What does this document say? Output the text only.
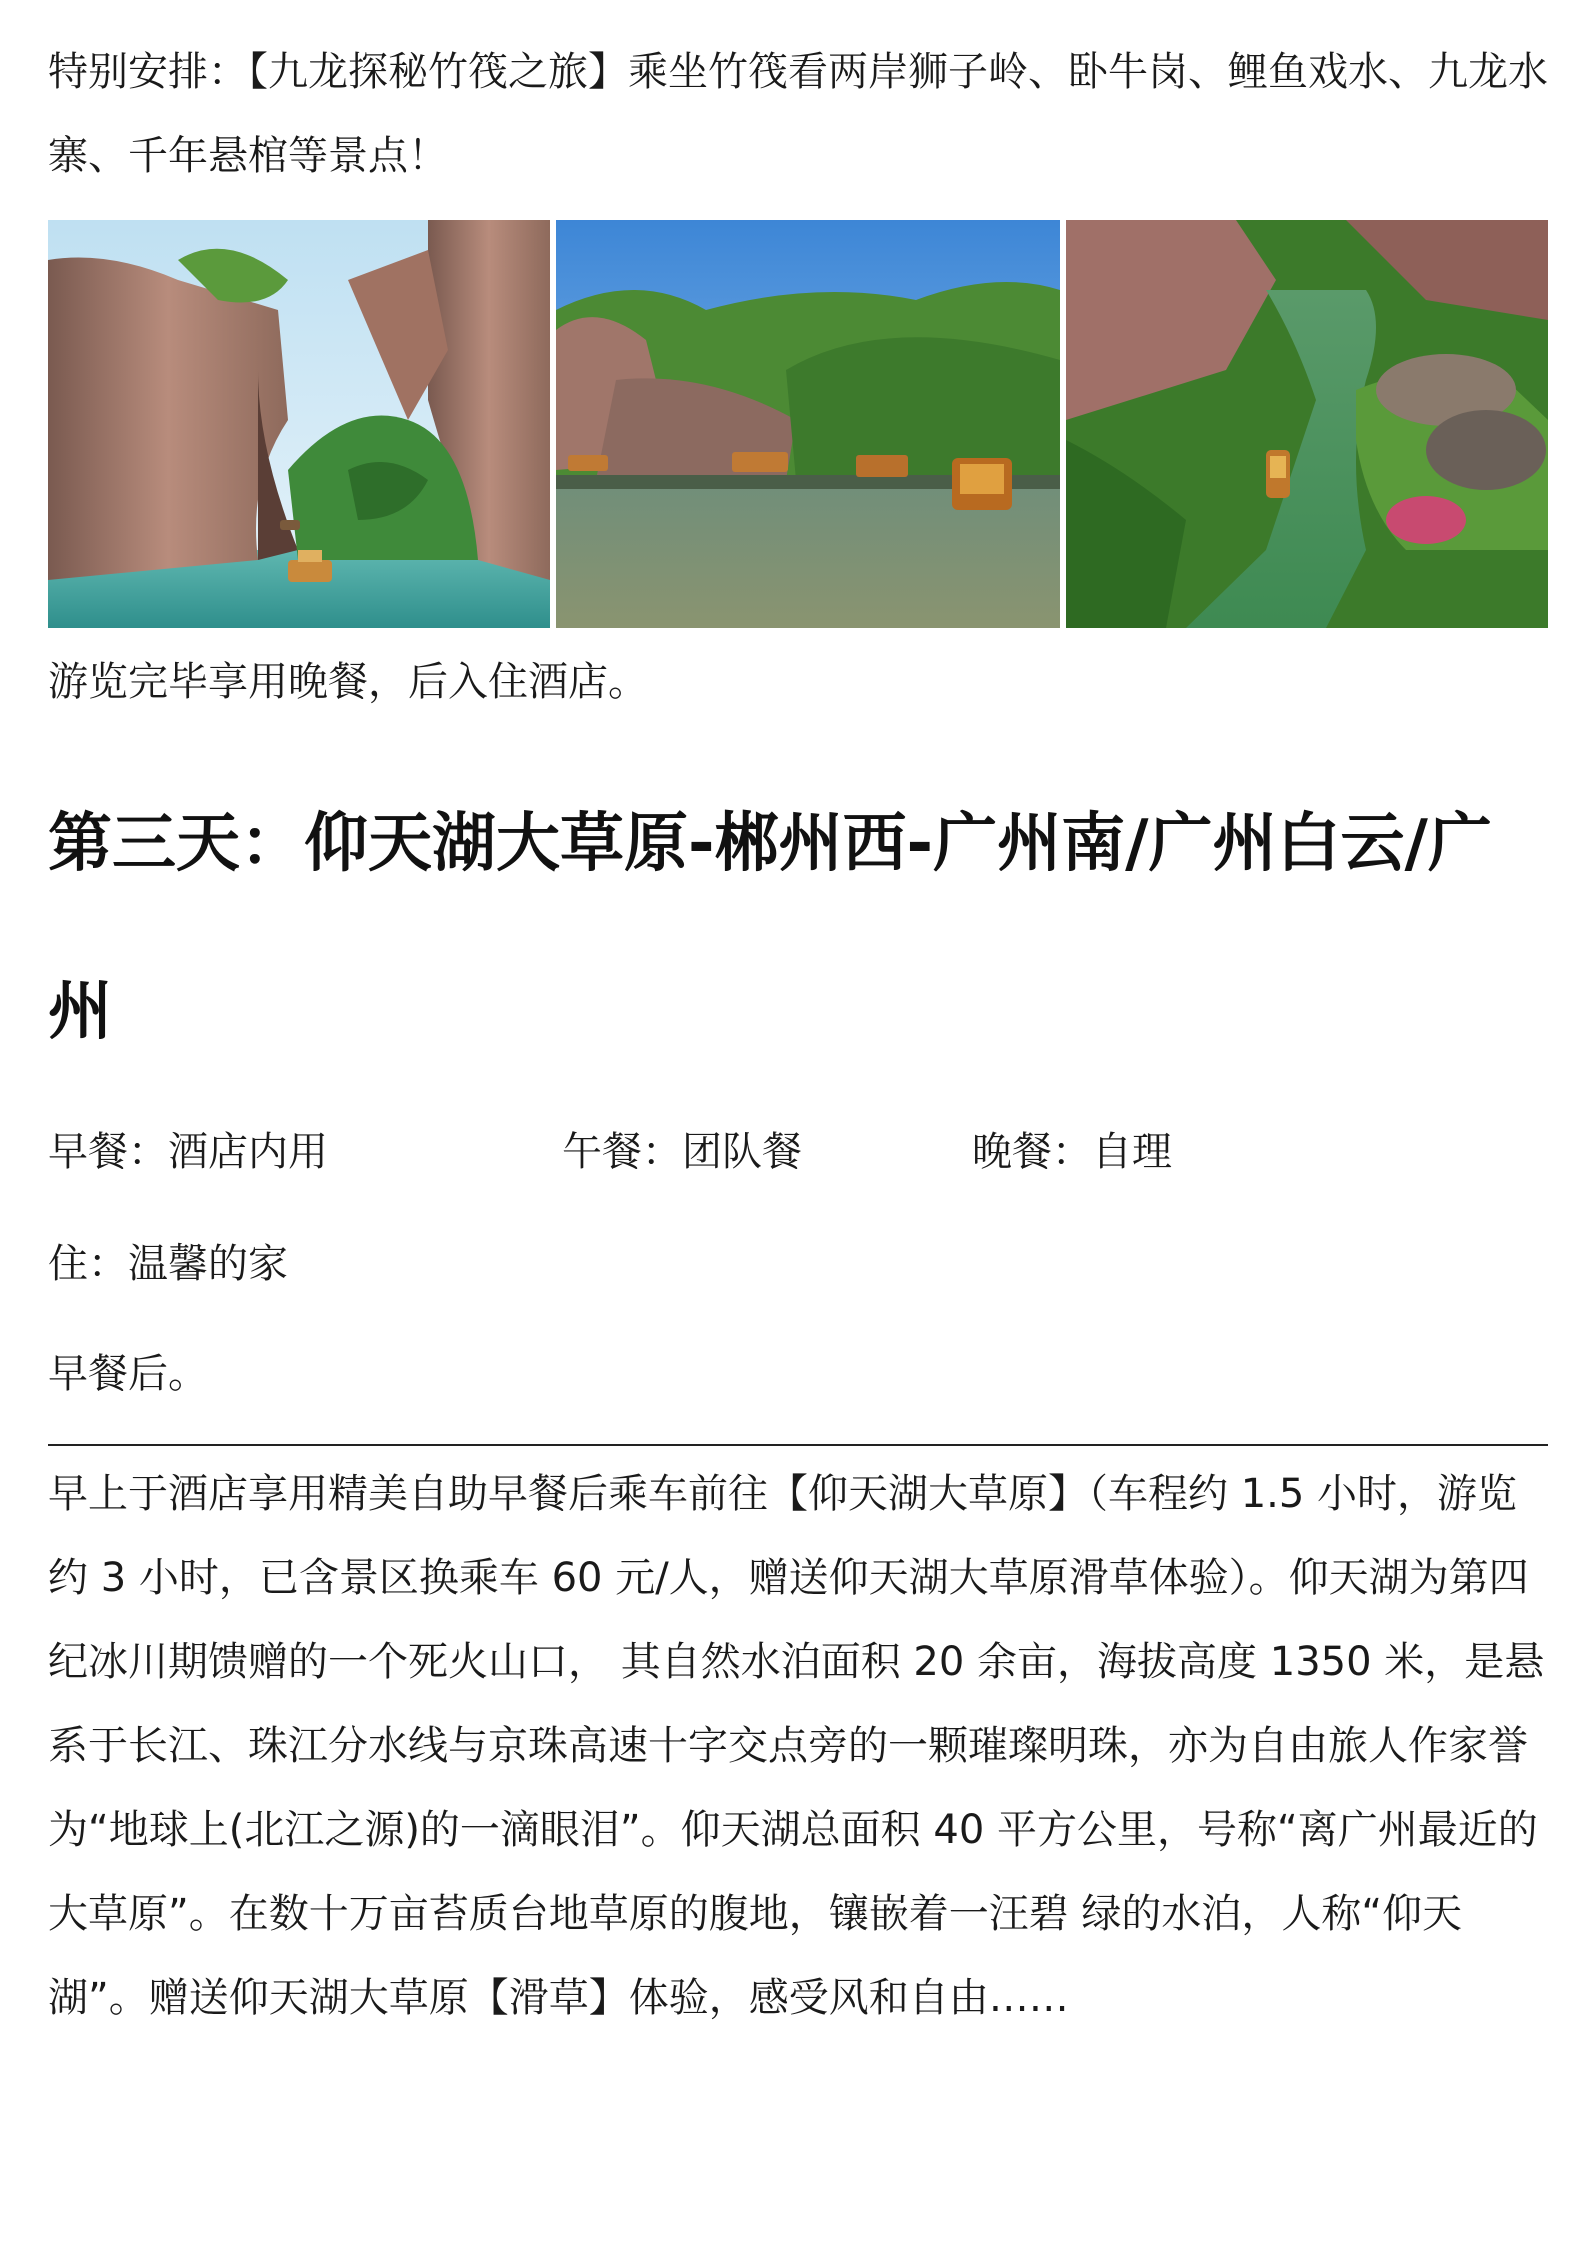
特别安排：【九龙探秘竹筏之旅】乘坐竹筏看两岸狮子岭、卧牛岗、鲤鱼戏水、九龙水寨、千年悬棺等景点！

游览完毕享用晚餐，后入住酒店。

第三天：仰天湖大草原-郴州西-广州南/广州白云/广州
早餐：酒店内用	午餐：团队餐	晚餐：自理

住：温馨的家

早餐后。

早上于酒店享用精美自助早餐后乘车前往【仰天湖大草原】（车程约 1.5 小时，游览约 3 小时，已含景区换乘车 60 元/人，赠送仰天湖大草原滑草体验）。仰天湖为第四纪冰川期馈赠的一个死火山口， 其自然水泊面积 20 余亩，海拔高度 1350 米，是悬系于长江、珠江分水线与京珠高速十字交点旁的一颗璀璨明珠，亦为自由旅人作家誉为“地球上(北江之源)的一滴眼泪”。仰天湖总面积 40 平方公里，号称“离广州最近的大草原”。在数十万亩苔质台地草原的腹地，镶嵌着一汪碧 绿的水泊，人称“仰天湖”。赠送仰天湖大草原【滑草】体验，感受风和自由……
